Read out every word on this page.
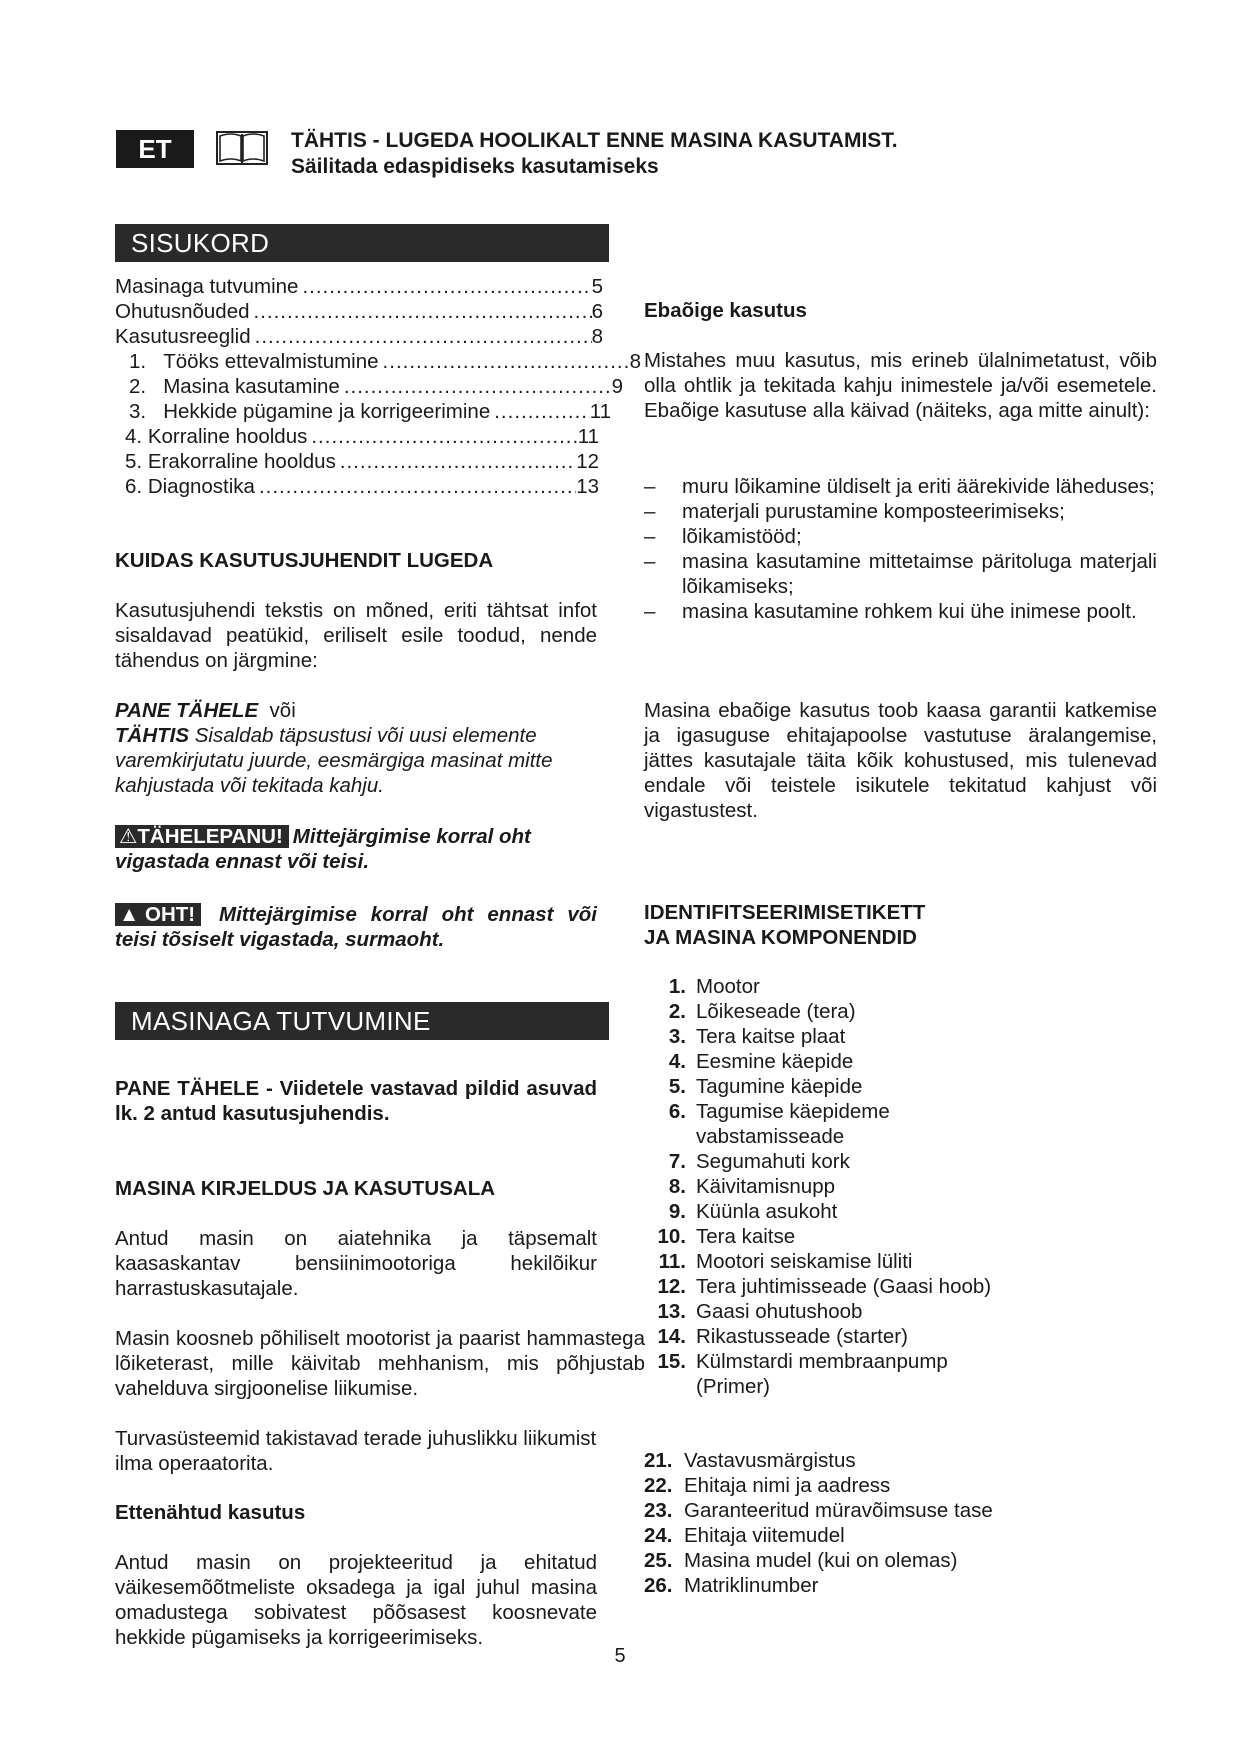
ET	TÄHTIS - LUGEDA HOOLIKALT ENNE MASINA KASUTAMIST.
Säilitada edaspidiseks kasutamiseks
SISUKORD
Masinaga tutvumine .....	5
Ohutusnõuded .....	6
Kasutusreeglid .....	8
1. Tööks ettevalmistumine .....	8
2. Masina kasutamine .....	9
3. Hekkide pügamine ja korrigeerimine .....	11
4. Korraline hooldus .....	11
5. Erakorraline hooldus .....	12
6. Diagnostika .....	13
KUIDAS KASUTUSJUHENDIT LUGEDA
Kasutusjuhendi tekstis on mõned, eriti tähtsat infot sisaldavad peatükid, eriliselt esile toodud, nende tähendus on järgmine:
PANE TÄHELE või
TÄHTIS Sisaldab täpsustusi või uusi elemente varemkirjutatu juurde, eesmärgiga masinat mitte kahjustada või tekitada kahju.
⚠TÄHELEPANU! Mittejärgimise korral oht vigastada ennast või teisi.
▲ OHT! Mittejärgimise korral oht ennast või teisi tõsiselt vigastada, surmaoht.
MASINAGA TUTVUMINE
PANE TÄHELE - Viidetele vastavad pildid asuvad lk. 2 antud kasutusjuhendis.
MASINA KIRJELDUS JA KASUTUSALA
Antud masin on aiatehnika ja täpsemalt kaasaskantav bensiinimootoriga hekilõikur harrastuskasutajale.
Masin koosneb põhiliselt mootorist ja paarist hammastega lõiketerast, mille käivitab mehhanism, mis põhjustab vahelduva sirgjoonelise liikumise.
Turvasüsteemid takistavad terade juhuslikku liikumist ilma operaatorita.
Ettenähtud kasutus
Antud masin on projekteeritud ja ehitatud väikesemõõtmeliste oksadega ja igal juhul masina omadustega sobivatest põõsasest koosnevate hekkide pügamiseks ja korrigeerimiseks.
Ebaõige kasutus
Mistahes muu kasutus, mis erineb ülalnimetatust, võib olla ohtlik ja tekitada kahju inimestele ja/või esemetele. Ebaõige kasutuse alla käivad (näiteks, aga mitte ainult):
–	muru lõikamine üldiselt ja eriti äärekivide läheduses;
–	materjali purustamine komposteerimiseks;
–	lõikamistööd;
–	masina kasutamine mittetaimse päritoluga materjali lõikamiseks;
–	masina kasutamine rohkem kui ühe inimese poolt.
Masina ebaõige kasutus toob kaasa garantii katkemise ja igasuguse ehitajapoolse vastutuse äralangemise, jättes kasutajale täita kõik kohustused, mis tulenevad endale või teistele isikutele tekitatud kahjust või vigastustest.
IDENTIFITSEERIMISETIKETT
JA MASINA KOMPONENDID
1. Mootor
2. Lõikeseade (tera)
3. Tera kaitse plaat
4. Eesmine käepide
5. Tagumine käepide
6. Tagumise käepideme vabstamisseade
7. Segumahuti kork
8. Käivitamisnupp
9. Küünla asukoht
10. Tera kaitse
11. Mootori seiskamise lüliti
12. Tera juhtimisseade (Gaasi hoob)
13. Gaasi ohutushoob
14. Rikastusseade (starter)
15. Külmstardi membraanpump (Primer)
21. Vastavusmärgistus
22. Ehitaja nimi ja aadress
23. Garanteeritud müravõimsuse tase
24. Ehitaja viitemudel
25. Masina mudel (kui on olemas)
26. Matriklinumber
5
